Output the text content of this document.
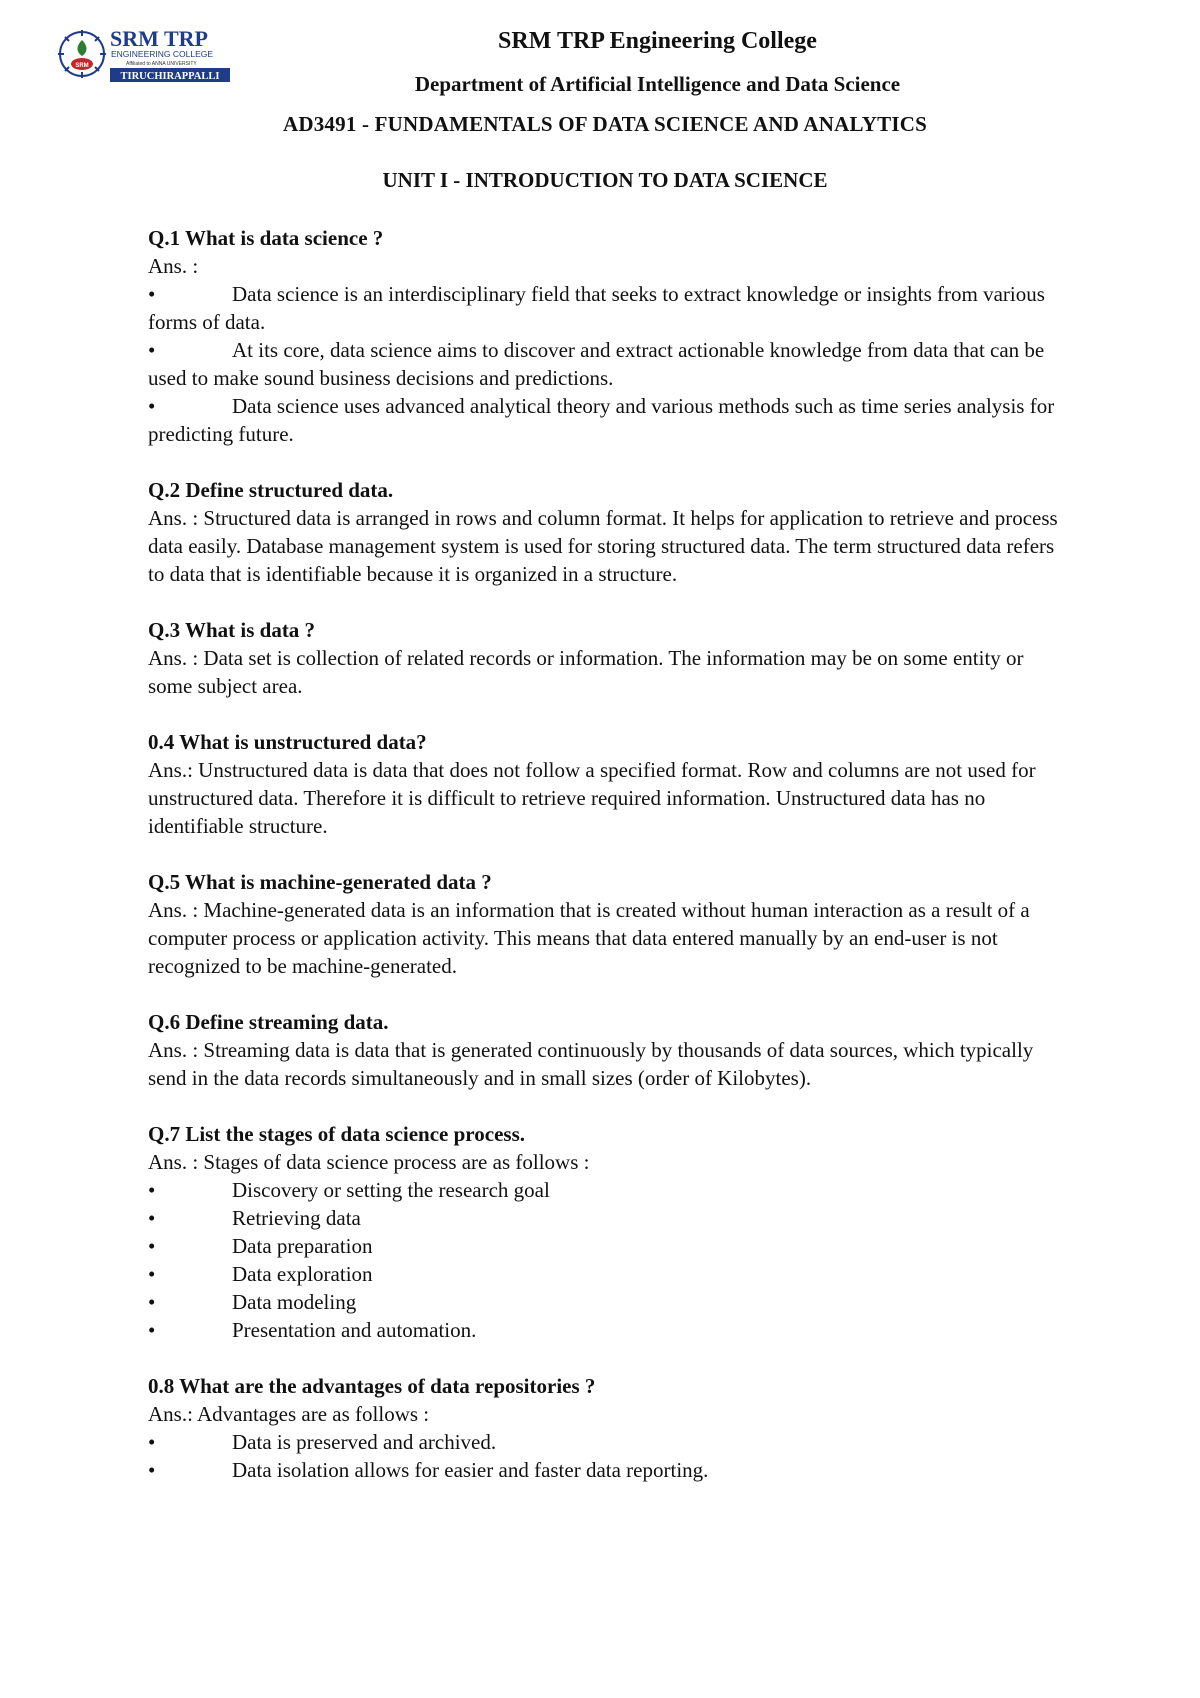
SRM
SRM TRP
ENGINEERING COLLEGE
Affiliated to ANNA UNIVERSITY
TIRUCHIRAPPALLI
SRM TRP Engineering College
Department of Artificial Intelligence and Data Science
AD3491 - FUNDAMENTALS OF DATA SCIENCE AND ANALYTICS
UNIT I - INTRODUCTION TO DATA SCIENCE
Q.1 What is data science ?
Ans. :
•	Data science is an interdisciplinary field that seeks to extract knowledge or insights from various forms of data.
•	At its core, data science aims to discover and extract actionable knowledge from data that can be used to make sound business decisions and predictions.
•	Data science uses advanced analytical theory and various methods such as time series analysis for predicting future.
Q.2 Define structured data.
Ans. : Structured data is arranged in rows and column format. It helps for application to retrieve and process data easily. Database management system is used for storing structured data. The term structured data refers to data that is identifiable because it is organized in a structure.
Q.3 What is data ?
Ans. : Data set is collection of related records or information. The information may be on some entity or some subject area.
0.4 What is unstructured data?
Ans.: Unstructured data is data that does not follow a specified format. Row and columns are not used for unstructured data. Therefore it is difficult to retrieve required information. Unstructured data has no identifiable structure.
Q.5 What is machine-generated data ?
Ans. : Machine-generated data is an information that is created without human interaction as a result of a computer process or application activity. This means that data entered manually by an end-user is not recognized to be machine-generated.
Q.6 Define streaming data.
Ans. : Streaming data is data that is generated continuously by thousands of data sources, which typically send in the data records simultaneously and in small sizes (order of Kilobytes).
Q.7 List the stages of data science process.
Ans. : Stages of data science process are as follows :
•	Discovery or setting the research goal
•	Retrieving data
•	Data preparation
•	Data exploration
•	Data modeling
•	Presentation and automation.
0.8 What are the advantages of data repositories ?
Ans.: Advantages are as follows :
•	Data is preserved and archived.
•	Data isolation allows for easier and faster data reporting.
